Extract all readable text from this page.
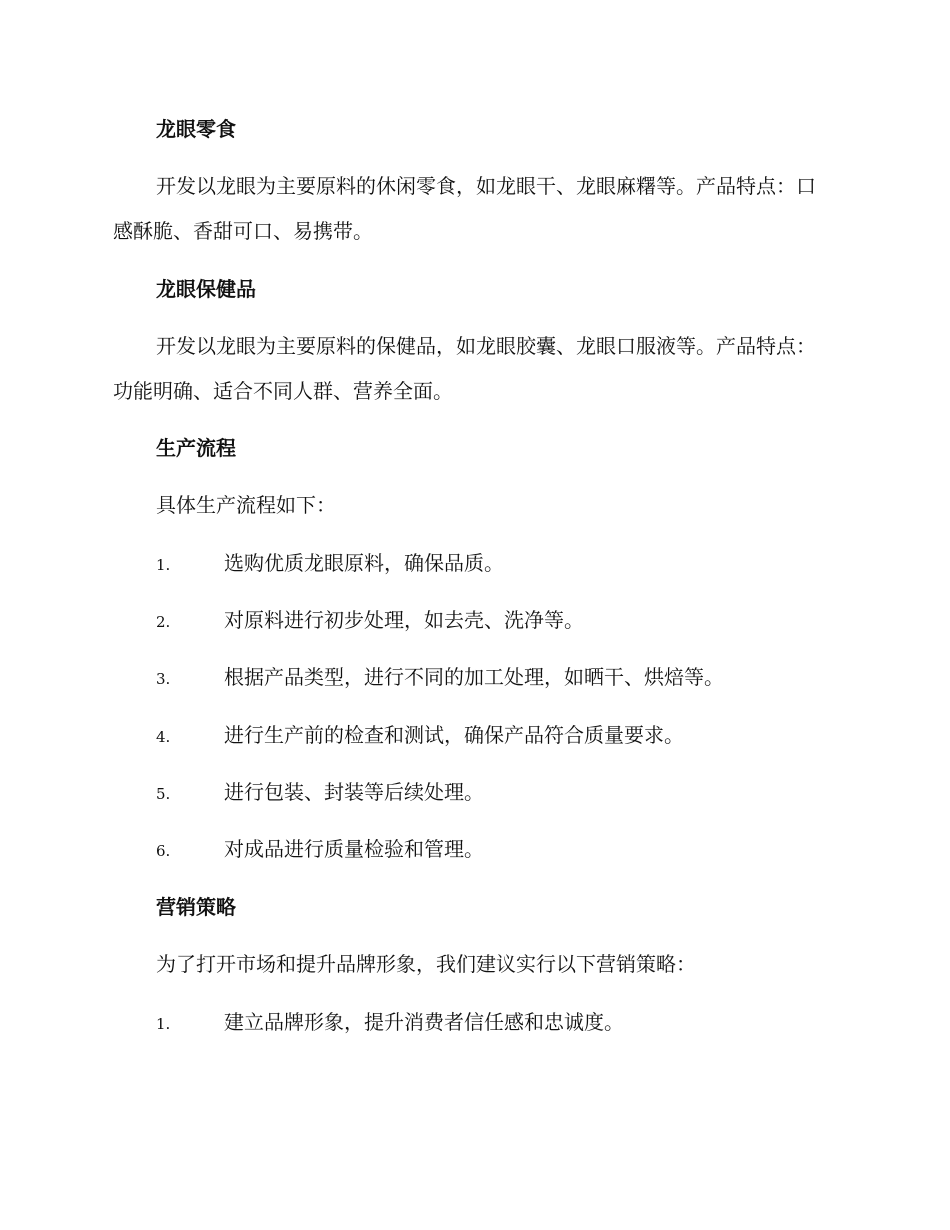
龙眼零食

开发以龙眼为主要原料的休闲零食，如龙眼干、龙眼麻糬等。产品特点：口感酥脆、香甜可口、易携带。

龙眼保健品

开发以龙眼为主要原料的保健品，如龙眼胶囊、龙眼口服液等。产品特点：功能明确、适合不同人群、营养全面。

生产流程

具体生产流程如下：

1.	选购优质龙眼原料，确保品质。
2.	对原料进行初步处理，如去壳、洗净等。
3.	根据产品类型，进行不同的加工处理，如晒干、烘焙等。
4.	进行生产前的检查和测试，确保产品符合质量要求。
5.	进行包装、封装等后续处理。
6.	对成品进行质量检验和管理。
营销策略

为了打开市场和提升品牌形象，我们建议实行以下营销策略：

1.	建立品牌形象，提升消费者信任感和忠诚度。
